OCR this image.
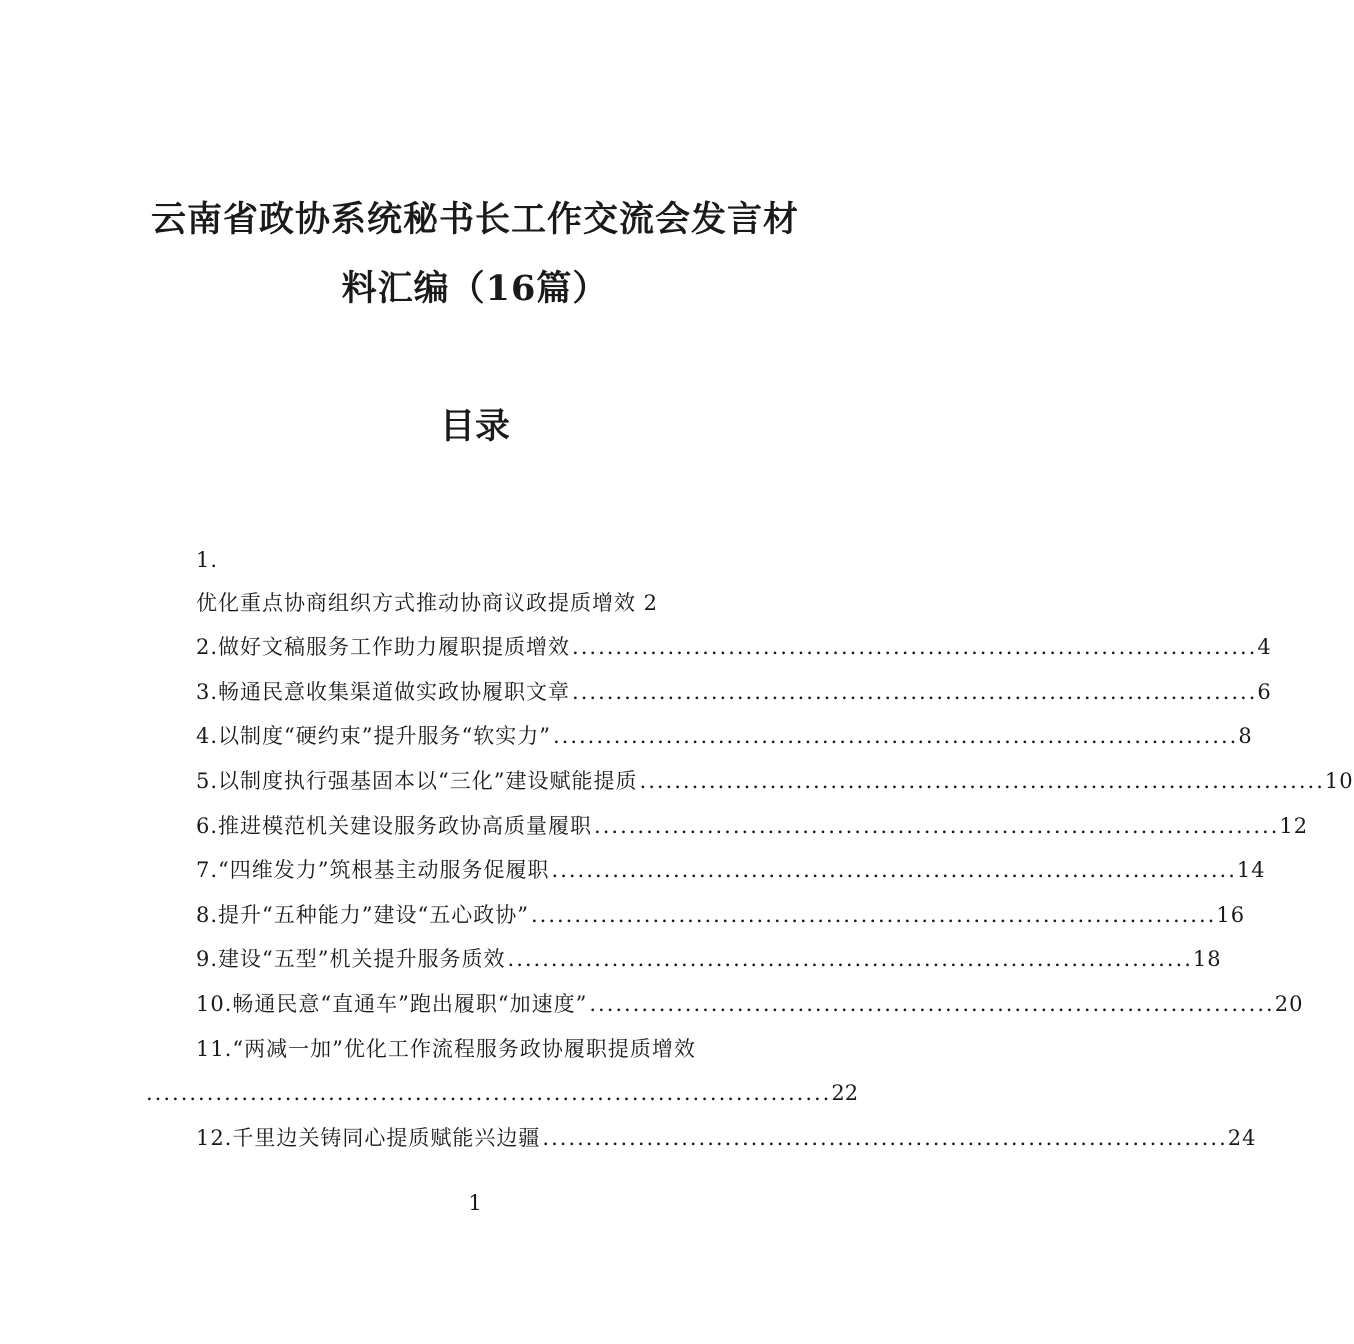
云南省政协系统秘书长工作交流会发言材
料汇编（16篇）
目录
1.
优化重点协商组织方式推动协商议政提质增效 2
2.做好文稿服务工作助力履职提质增效 ............................................................................... 4
3.畅通民意收集渠道做实政协履职文章 ............................................................................... 6
4.以制度“硬约束”提升服务“软实力” ............................................................................... 8
5.以制度执行强基固本以“三化”建设赋能提质 ............................................................................... 10
6.推进模范机关建设服务政协高质量履职 ............................................................................... 12
7.“四维发力”筑根基主动服务促履职 ............................................................................... 14
8.提升“五种能力”建设“五心政协” ............................................................................... 16
9.建设“五型”机关提升服务质效 ............................................................................... 18
10.畅通民意“直通车”跑出履职“加速度” ............................................................................... 20
11.“两减一加”优化工作流程服务政协履职提质增效
............................................................................... 22
12.千里边关铸同心提质赋能兴边疆 ............................................................................... 24
1
